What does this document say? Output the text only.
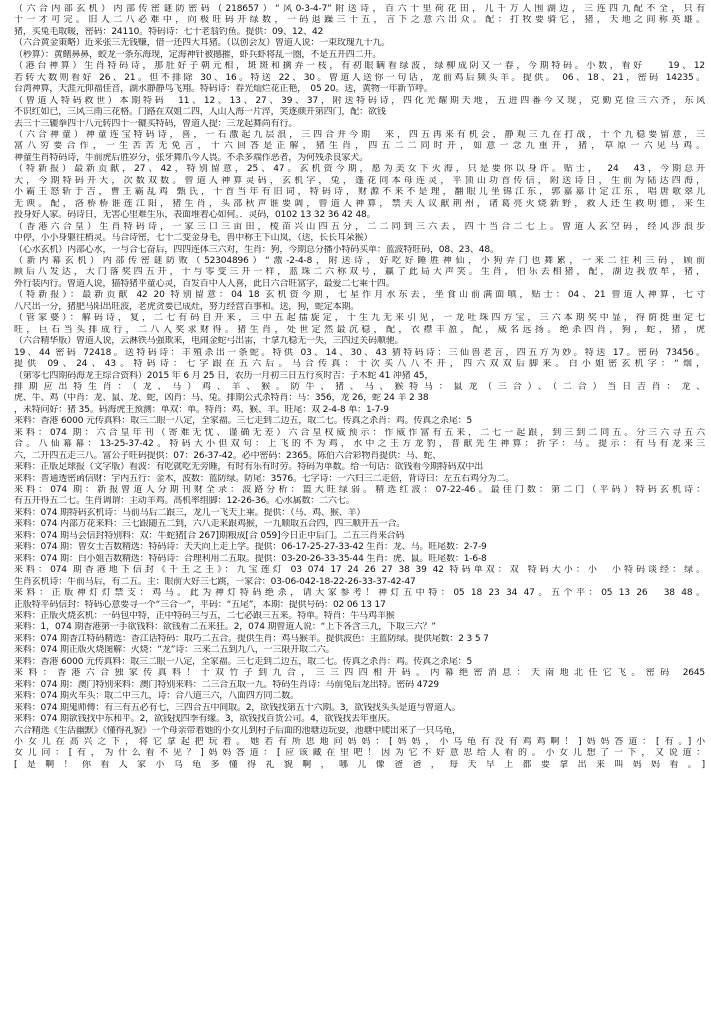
（六合内部玄机）内部传密谜防密码（218657）“风0-3-4-7”附送诗，百六十里荷花田，几千万人围湖边，三连四九配不全，只有
十一才可完。旧人二八必难中，向极旺码开绿数，一码退躁三十五，言下之意六出众。配：打牧要骑它，猪，天地之间称英雄。
猪，买兔毛取暖，密码：24110。特码诗：七十老翁钓鱼。提供：09、12、42
（六合黄金策略）近来张三无钱赚，借一还四大耳猪。（以创会友）曾道人说：一束玫瑰九十九。
（秒算）：黄鳝鼻鼻，蛟龙一条东海现，定海神针被撼摧，虾兵虾将乱一圈，不是五开四二开。
（港台神算）生肖特码诗，那肚好子朝元相，斑斑和擒弄一枝，有初眼瞒看绿波，绿柳成阴又一春，今期特码。小数，看好　　19、12
若转大数则看好 26、21。但不排除 30、16。特送 22、30。曾道人送你一句话，龙前鸡后频头羊。提供。 06、18、21，密码 14235。
台湾神算，天涯元仰福佳音，湖水静静鸟飞翔。特码诗：春光灿烂花正艳，　05 20。送，黄物一年新节呼。
（曾道人特码救世）本期特码　11、12、13、27、39、37，附送特码诗，四化光耀期天地，五进四番今又现，克勤克俭三六齐，东风
不识红如已，三风三雨三花格。门路在双姐二四，人山人海一片淬，笑逐颜开第四门，配：欲钱
去三十三辘拳四十八元转四十一辘买特码，曾道人提：三龙起舞尚有行。
（六合神童）神童连宝特码诗，喜，一石激起九层浪，三四合并今期　来，四五再来有机会，静观三九在打战，十个九稳要留意，三
富八穷要合作，一生苦苦无免言，十六回答是正解，猪生肖，四五二二同时开，如意一念九重开，猪，草原一六见马鸡。
神童生肖特码诗，牛前虎后胜岁分，张牙舞爪今人畏。不杀多端作恶者，为何残杀良家犬。
（特新报）最新贡献，27、42，特别留意，25、47。玄机资今期，愿为美女下火海，只是要你以身许。贴士，　24　43，今期总开
大，今期特码开大，次数双数。曾道人神算灵码，玄机字，兔，蓬花同本母连灵，平顶山功首传信，附送诗日，生前为陆达四海，
小霸王怒斩于吉，曹王霸乱鸡 甄氏，十首当年有旧词，特码诗，财源不来不是理，翻眼儿坐锦江东，郭嘉嘉计定江东，唱唐歌翠儿
无谀。配，洛桥桥谁莲江阳，猪生肖，头部秋声谁要调，曾道人神算，禁夫人议献荆州，诸葛亮火烧新野，救人还生救明德，来生
投身好人家。码诗日，无害心里难生乐，表面堆着心如何。．灵码，0102 13 32 36 42 48。
（香港六合皇）生肖特码诗，一家三口三亩田，棱苗兴山四五分，二二同到三六去，四十当合二七上。曾道人玄空码，经风涉浪步
中停，小小身躯往梢灵。马合诗密，七十二变金身毛，兽中称王下山岚，（送，长长耳朵猴）
（心水玄机）内部心水，一与合七奋后，四四连体三六对，生肖：狗，今期总分播小特码买单：蓝波特旺码，08、23、48。
（新内幕玄机）内部传密谜防败（52304896）“激-2-4-8，附送诗，好吃好睡胜神仙，小狗弄门也舞累，一来二往利三码，顾前
顾后八发达，大门落奖四五开，十与零变三开一样，蓝珠二六称双号，赢了此局大声笑。生肖，伯乐去相猪，配，湖边我放牟，猪，
外行装内行。曾道人说，猫特猪平童心灵，百发百中人人喜，此日六合旺富字，最爱二七乘十四。
（特新报）：最新贡献 42 20 特别留意：04 18 玄机资今期，七星作月水东去，坐食山前满面嗔，贴士：04、21 曾道人神算，七寸
八尺出一分，猪肥马阳出旺波，老虎贪要已成灶，努力经营百事和。送，狗，蛇定本期。
（管家婆）：解码诗，复，二七有码自开来，三中五起擂旋定，十生九无来引见，一龙吐珠四方宝，三六本期奖中显，得荫挺重定七
旺，巨石当头排成行，二八入奖求财得。猪生肖，处世定然最沉稳，配，衣襟丰盈，配，威名远扬。绝杀四肖，狗，蛇，猪，虎
（六合精华版）曾道人说，云淋铁马强欺来，电闹金蛇弓出雷，十拿九稳无一失，三四过关码顺驰。
19、44 密码 72418。送特码诗：丰殖杀出一条蛇。特供 03、14、30、43 猜特码诗：三仙兽老言，四五方为妙。特送 17。密码 73456。
提供 09、24、43。特码诗：七字跟在五六后。马合传真：十次买八八不开，四六双双后脚来。白小姐密玄机字：“烟，
（第零七四期码海龙王综合资料）2015 年 6 月 25 日，农历一月初三日五行亥时吉：子木蛇 41 冲猪 45，
排期应出特生肖：（龙、马）鸡、羊、猴。防牛、猪、马、猴特马：鼠龙（三合）、（二合）当日吉肖：龙、
虎、牛、鸡（中肖：龙、鼠、龙、蛇，凶肖：马、兔。排期公式杀特肖：马：356，龙 26，蛇 24 羊 2 38
，未特问好：猪 35。码海虎王预测：单双：单。特肖：鸡、猴、羊。旺尾：双 2-4-8 单：1-7-9
来料：香港 6000 元传真料：取三二眼一八定，全家福。三七走到二边五，取二七。传真之杀肖：鸡。传真之杀尾：5
来料：074 期：六合皇年刊（寄难无忧、谨确无差）六合皇权威预示：作威作富有五来，二七一起跟，到三到二同五。分三六寻五六
合。八仙幕幕：13-25-37-42。特码大小但双句：上飞的不为鸡，水中之王方龙豹，普献先生神算：折字：马。提示：有马有龙来三
六，二开四五走三八。富公子旺码提供：07：26-37-42。必中密码：2365。陈伯六合彩物肖提供：马、蛇、
来料：正版足球报（文字版）看波：有吃就吃无旁睡，有时有乐有时劳。特码为单数。给一句话：欲钱看今期特码双中出
来料：普通透密函信财：宇内五行：金木，波数：蓝防绿。防尾：3576。七字诗：一六归三二走倍，背诗曰：左五右鸡分为二。
来料：074 期：新报曾道人分期刊财全录：波路分析：篮大旺绿弱。精选红波：07-22-46。最佳门数：第二门（平码）特码玄机诗：
有五开得五二七。生肖调谓：主动羊鸡。高机率组脚：12-26-36。心水属数：二六七。
来料：074 期特码玄机诗：马前马后二跟三，龙儿一飞天上乘。提供：（马、鸡、猴、羊）
来料：074 内部万花来料：三七跟随五二到，六八走来跟鸡猴，一九顺取五合四，四三顺开五一合。
来料：074 期马会信封特别料：双：牛蛇猪[合 267]期粮成[合 059]今日正中后门。二五三肖来合码
来料：074 期：曾女士吉数精选：特码诗：天天向上走上学。提供：06-17-25-27-33-42 生肖：龙、马。旺尾数：2-7-9
来料：074 期：白小姐吉数精选：特码诗：合理利用二五取。提供：03-20-26-33-35-44 生肖：虎、鼠。旺尾数：1-6-8
来料：074 期香港地下信封《千王之王》：九宝莲灯 03 074 17 24 26 27 38 39 42 特码单双：双 特码大小：小　小特码谈经：绿。
生肖玄机诗：牛前马后，有二五。主：眼前大好三七跳，一家合：03-06-042-18-22-26-33-37-42-47
来料：正版神灯灯禁支：鸡马。此为神灯特码绝杀，请大家参考！神灯五中特：05 18 23 34 47。五个平：05 13 26　38 48。
正版特平码信封：特码心意要寻一个“三合一”，平码：“五尾”，本期：提供号码：02 06 13 17
来料：正版火烧玄机：一码包中特，正中特码三与五，二七必跟三五来。特单。特肖：牛马鸡羊猴
来料：1，074 期香港第一手欲钱料：欲钱看二五来狂。2，074 期曾道人说：“上下各含三九，下取三六？”
来料：074 期香江特码精选：香江话特码：取巧二五合。提供生肖：鸡马猴羊。提供波色：主蓝防绿。提供尾数：2 3 5 7
来料：074 期正版火烧图解：火烧：“龙”诗：三来二五到九八，一三限开取二六。
来料：香港 6000 元传真料：取三二眼一八定，全家福。三七走到二边五，取二七。传真之杀肖：鸡。传真之杀尾：5
来料：香港六合独家传真料！十双竹子到九合，三三四四相开码。内幕绝密消息：天南地北任它飞。密码 2645
来料：074 期：澳门特别来料：澳门特别来料：二三合五取一九。特码生肖诗：马前兔后龙出特。密码 4729
来料：074 期火车头：取二中三九，诗：合八道三六，八面四方同二数。
来料：074 期鬼师傅：有三有五必有七，三四合五中间取。2，欲钱找第五十六期。3，欲钱找头头是道与曾道人。
来料：074 期欲钱找中东和平。2，欲钱找四季有缘。3，欲钱找百货公司。4，欲钱找去年重庆。
六合精选《生活幽默》《懂得礼貌》一个母亲带着她的小女儿到村子后面的池塘边玩耍，池塘中爬出来了一只乌龟，
小女儿在高兴之下，将它拿起把玩着。她若有所思地问妈妈：[妈妈，小乌龟有没有鸡鸡啊！]妈妈答道：[有。]小
女儿问：[有，为什么看不见？]妈妈答道：[应该藏在里吧！因为它不好意思给人看的。小女儿想了一下，又说道：
[是啊！你看人家小乌龟多懂得礼貌啊，哪儿像爸爸，每天早上都要拿出来叫妈妈看。]
